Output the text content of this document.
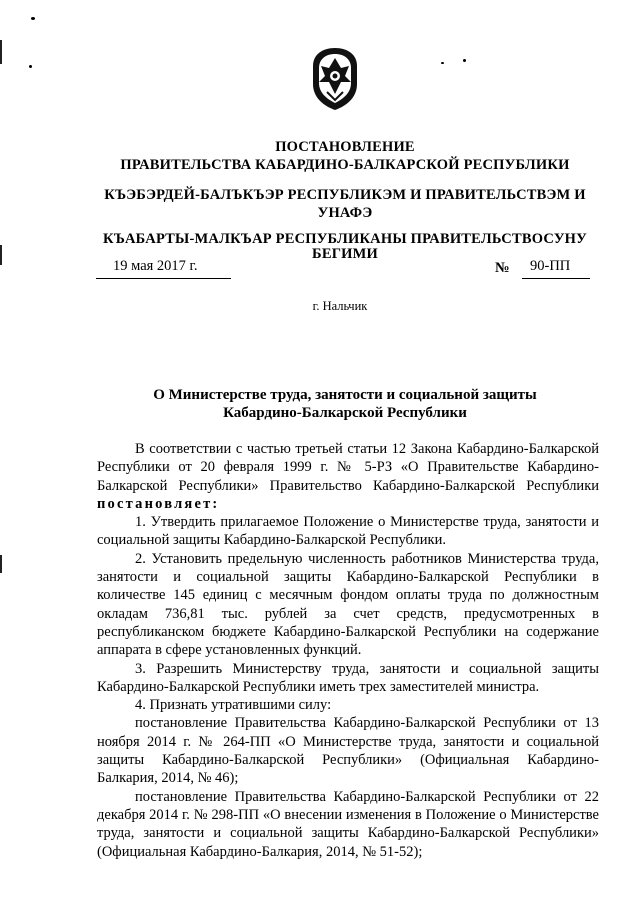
ПОСТАНОВЛЕНИЕ
ПРАВИТЕЛЬСТВА КАБАРДИНО-БАЛКАРСКОЙ РЕСПУБЛИКИ
КЪЭБЭРДЕЙ-БАЛЪКЪЭР РЕСПУБЛИКЭМ И ПРАВИТЕЛЬСТВЭМ И
УНАФЭ
КЪАБАРТЫ-МАЛКЪАР РЕСПУБЛИКАНЫ ПРАВИТЕЛЬСТВОСУНУ
БЕГИМИ
19 мая 2017 г.	№ 90-ПП
г. Нальчик
О Министерстве труда, занятости и социальной защиты
Кабардино-Балкарской Республики

В соответствии с частью третьей статьи 12 Закона Кабардино-Балкарской Республики от 20 февраля 1999 г. № 5-РЗ «О Правительстве Кабардино-Балкарской Республики» Правительство Кабардино-Балкарской Республики постановляет:

1. Утвердить прилагаемое Положение о Министерстве труда, занятости и социальной защиты Кабардино-Балкарской Республики.

2. Установить предельную численность работников Министерства труда, занятости и социальной защиты Кабардино-Балкарской Республики в количестве 145 единиц с месячным фондом оплаты труда по должностным окладам 736,81 тыс. рублей за счет средств, предусмотренных в республиканском бюджете Кабардино-Балкарской Республики на содержание аппарата в сфере установленных функций.

3. Разрешить Министерству труда, занятости и социальной защиты Кабардино-Балкарской Республики иметь трех заместителей министра.

4. Признать утратившими силу:

постановление Правительства Кабардино-Балкарской Республики от 13 ноября 2014 г. № 264-ПП «О Министерстве труда, занятости и социальной защиты Кабардино-Балкарской Республики» (Официальная Кабардино-Балкария, 2014, № 46);

постановление Правительства Кабардино-Балкарской Республики от 22 декабря 2014 г. № 298-ПП «О внесении изменения в Положение о Министерстве труда, занятости и социальной защиты Кабардино-Балкарской Республики» (Официальная Кабардино-Балкария, 2014, № 51-52);
